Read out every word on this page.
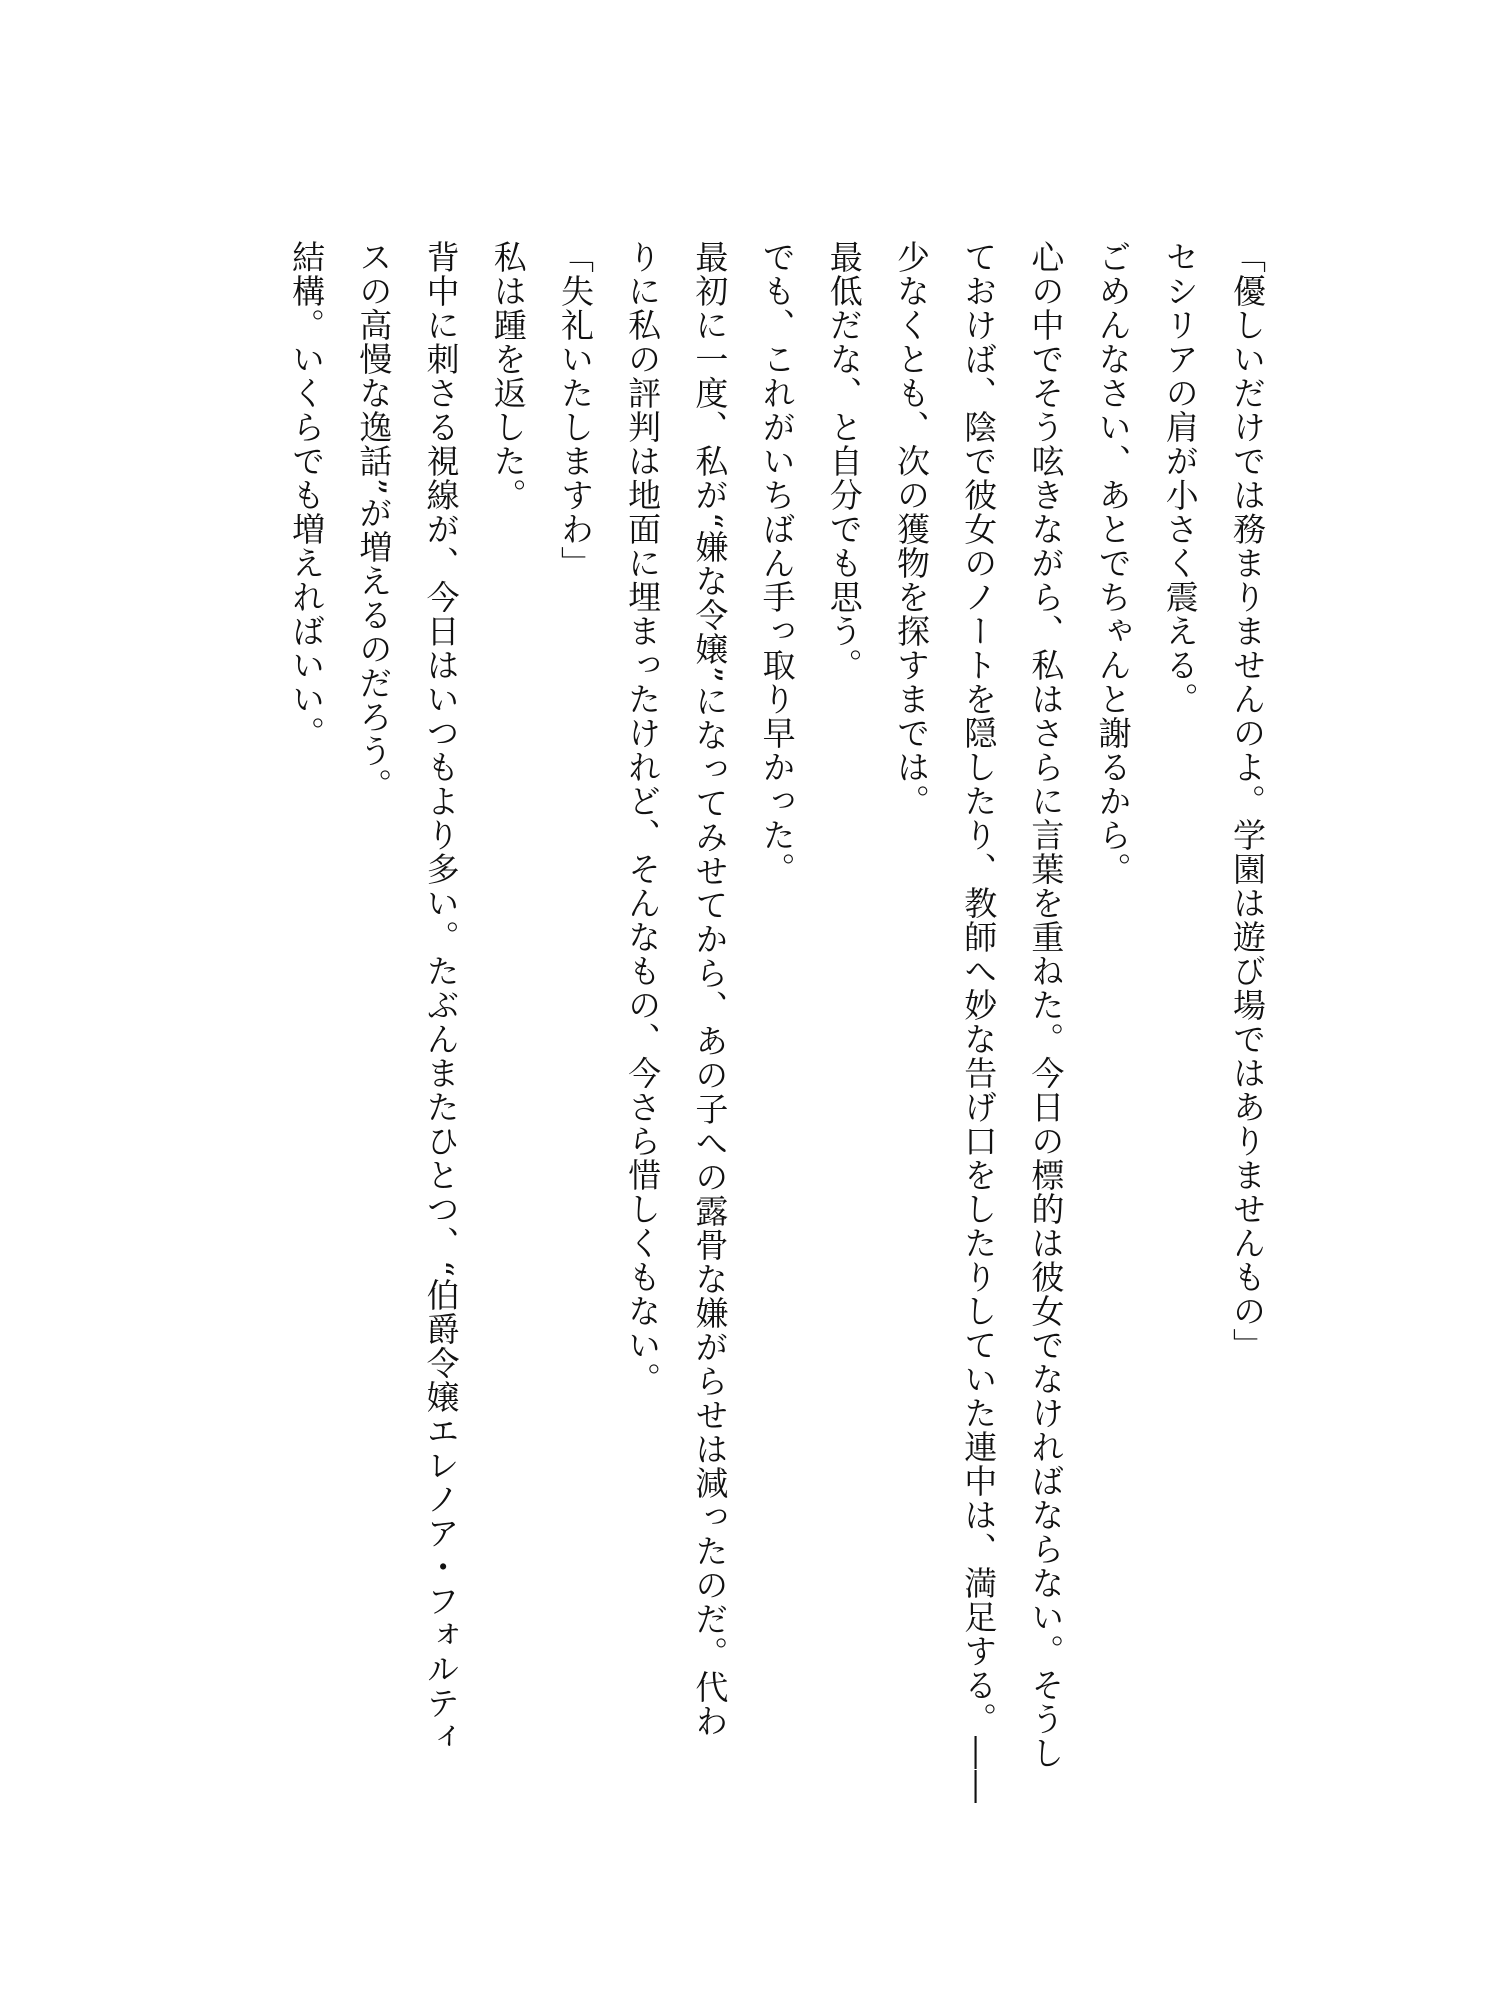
「優しいだけでは務まりませんのよ。学園は遊び場ではありませんもの」
セシリアの肩が小さく震える。
ごめんなさい、あとでちゃんと謝るから。
心の中でそう呟きながら、私はさらに言葉を重ねた。今日の標的は彼女でなければならない。そうし
ておけば、陰で彼女のノートを隠したり、教師へ妙な告げ口をしたりしていた連中は、満足する。――
少なくとも、次の獲物を探すまでは。
最低だな、と自分でも思う。
でも、これがいちばん手っ取り早かった。
最初に一度、私が“嫌な令嬢”になってみせてから、あの子への露骨な嫌がらせは減ったのだ。代わ
りに私の評判は地面に埋まったけれど、そんなもの、今さら惜しくもない。
「失礼いたしますわ」
私は踵を返した。
背中に刺さる視線が、今日はいつもより多い。たぶんまたひとつ、“伯爵令嬢エレノア・フォルティ
スの高慢な逸話”が増えるのだろう。
結構。いくらでも増えればいい。
